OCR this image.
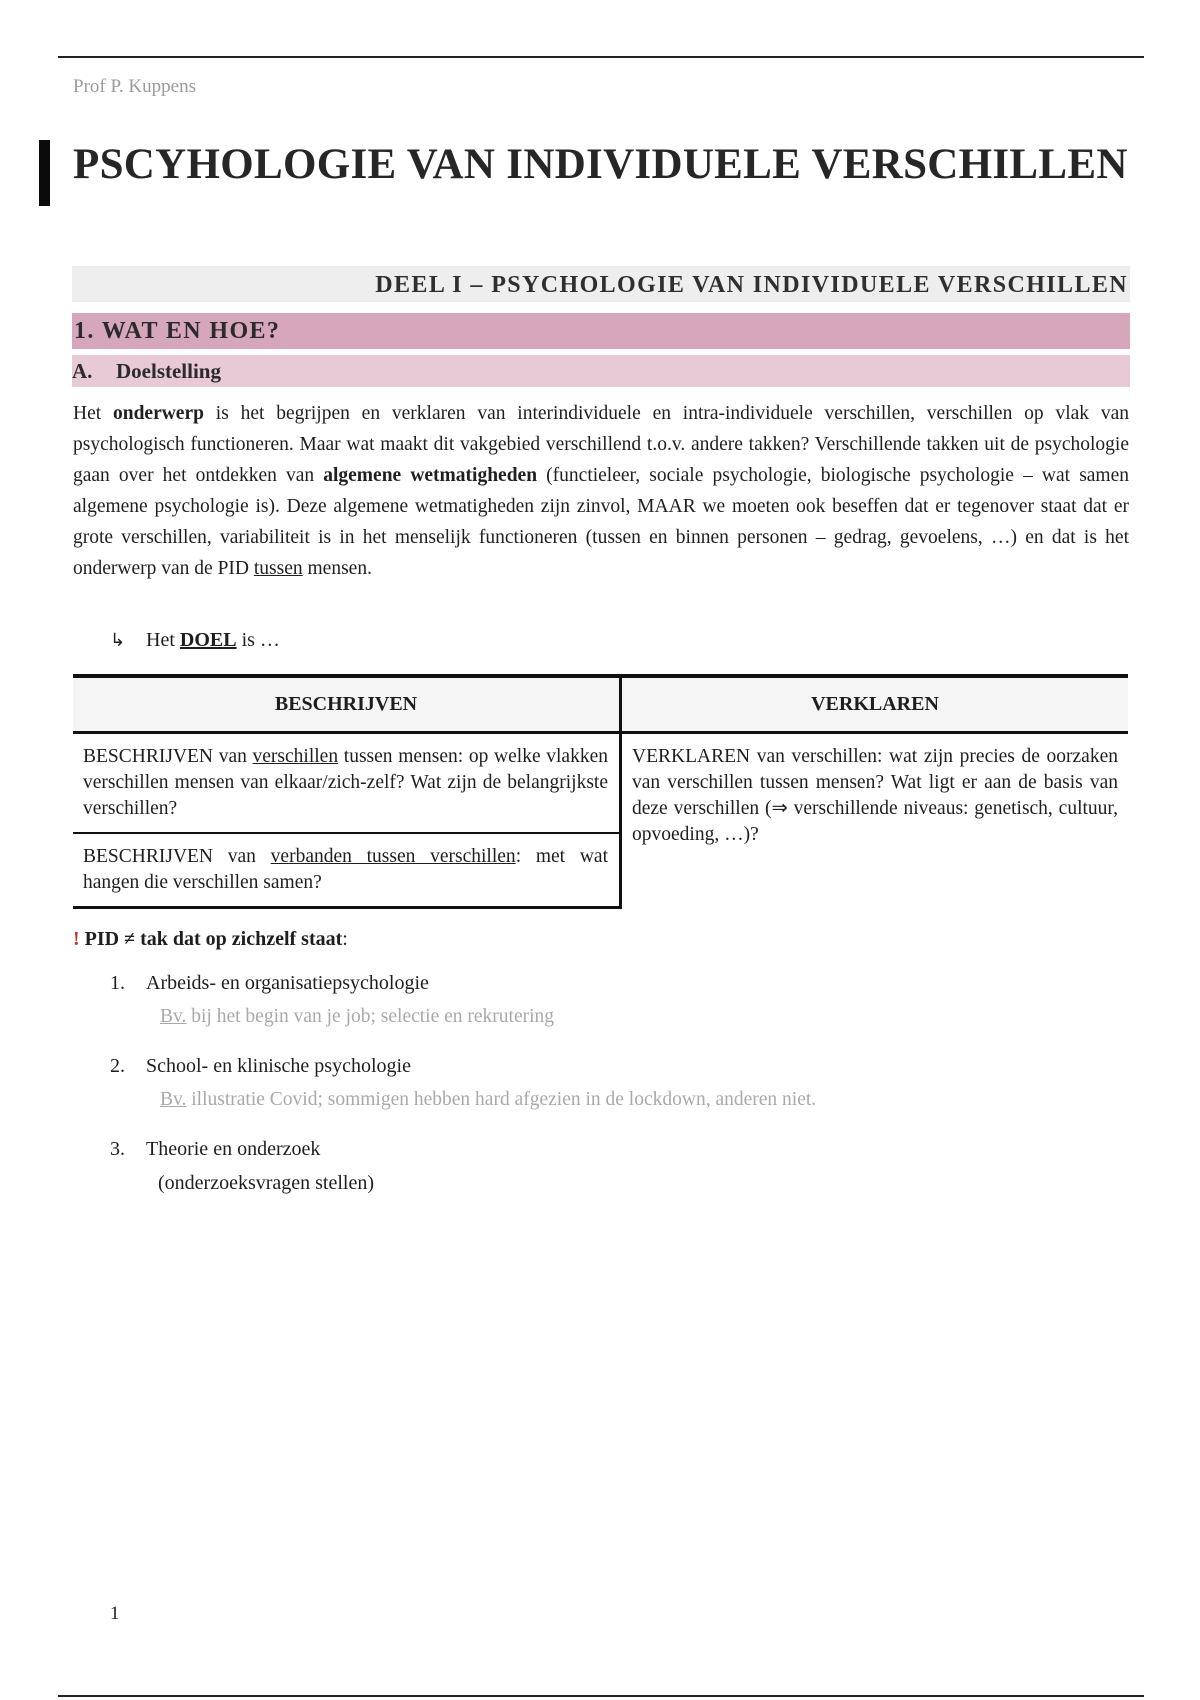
Prof P. Kuppens
PSCYHOLOGIE VAN INDIVIDUELE VERSCHILLEN
DEEL I – PSYCHOLOGIE VAN INDIVIDUELE VERSCHILLEN
1. WAT EN HOE?
A. Doelstelling

Het onderwerp is het begrijpen en verklaren van interindividuele en intra-individuele verschillen, verschillen op vlak van psychologisch functioneren. Maar wat maakt dit vakgebied verschillend t.o.v. andere takken? Verschillende takken uit de psychologie gaan over het ontdekken van algemene wetmatigheden (functieleer, sociale psychologie, biologische psychologie – wat samen algemene psychologie is). Deze algemene wetmatigheden zijn zinvol, MAAR we moeten ook beseffen dat er tegenover staat dat er grote verschillen, variabiliteit is in het menselijk functioneren (tussen en binnen personen – gedrag, gevoelens, …) en dat is het onderwerp van de PID tussen mensen.

↳ Het DOEL is …
BESCHRIJVEN	VERKLAREN
BESCHRIJVEN van verschillen tussen mensen: op welke vlakken verschillen mensen van elkaar/zich-zelf? Wat zijn de belangrijkste verschillen?	VERKLAREN van verschillen: wat zijn precies de oorzaken van verschillen tussen mensen? Wat ligt er aan de basis van deze verschillen (⇒ verschillende niveaus: genetisch, cultuur, opvoeding, …)?
BESCHRIJVEN van verbanden tussen verschillen: met wat hangen die verschillen samen?	
! PID ≠ tak dat op zichzelf staat:
1. Arbeids- en organisatiepsychologie
Bv. bij het begin van je job; selectie en rekrutering
2. School- en klinische psychologie
Bv. illustratie Covid; sommigen hebben hard afgezien in de lockdown, anderen niet.
3. Theorie en onderzoek
(onderzoeksvragen stellen)
1
